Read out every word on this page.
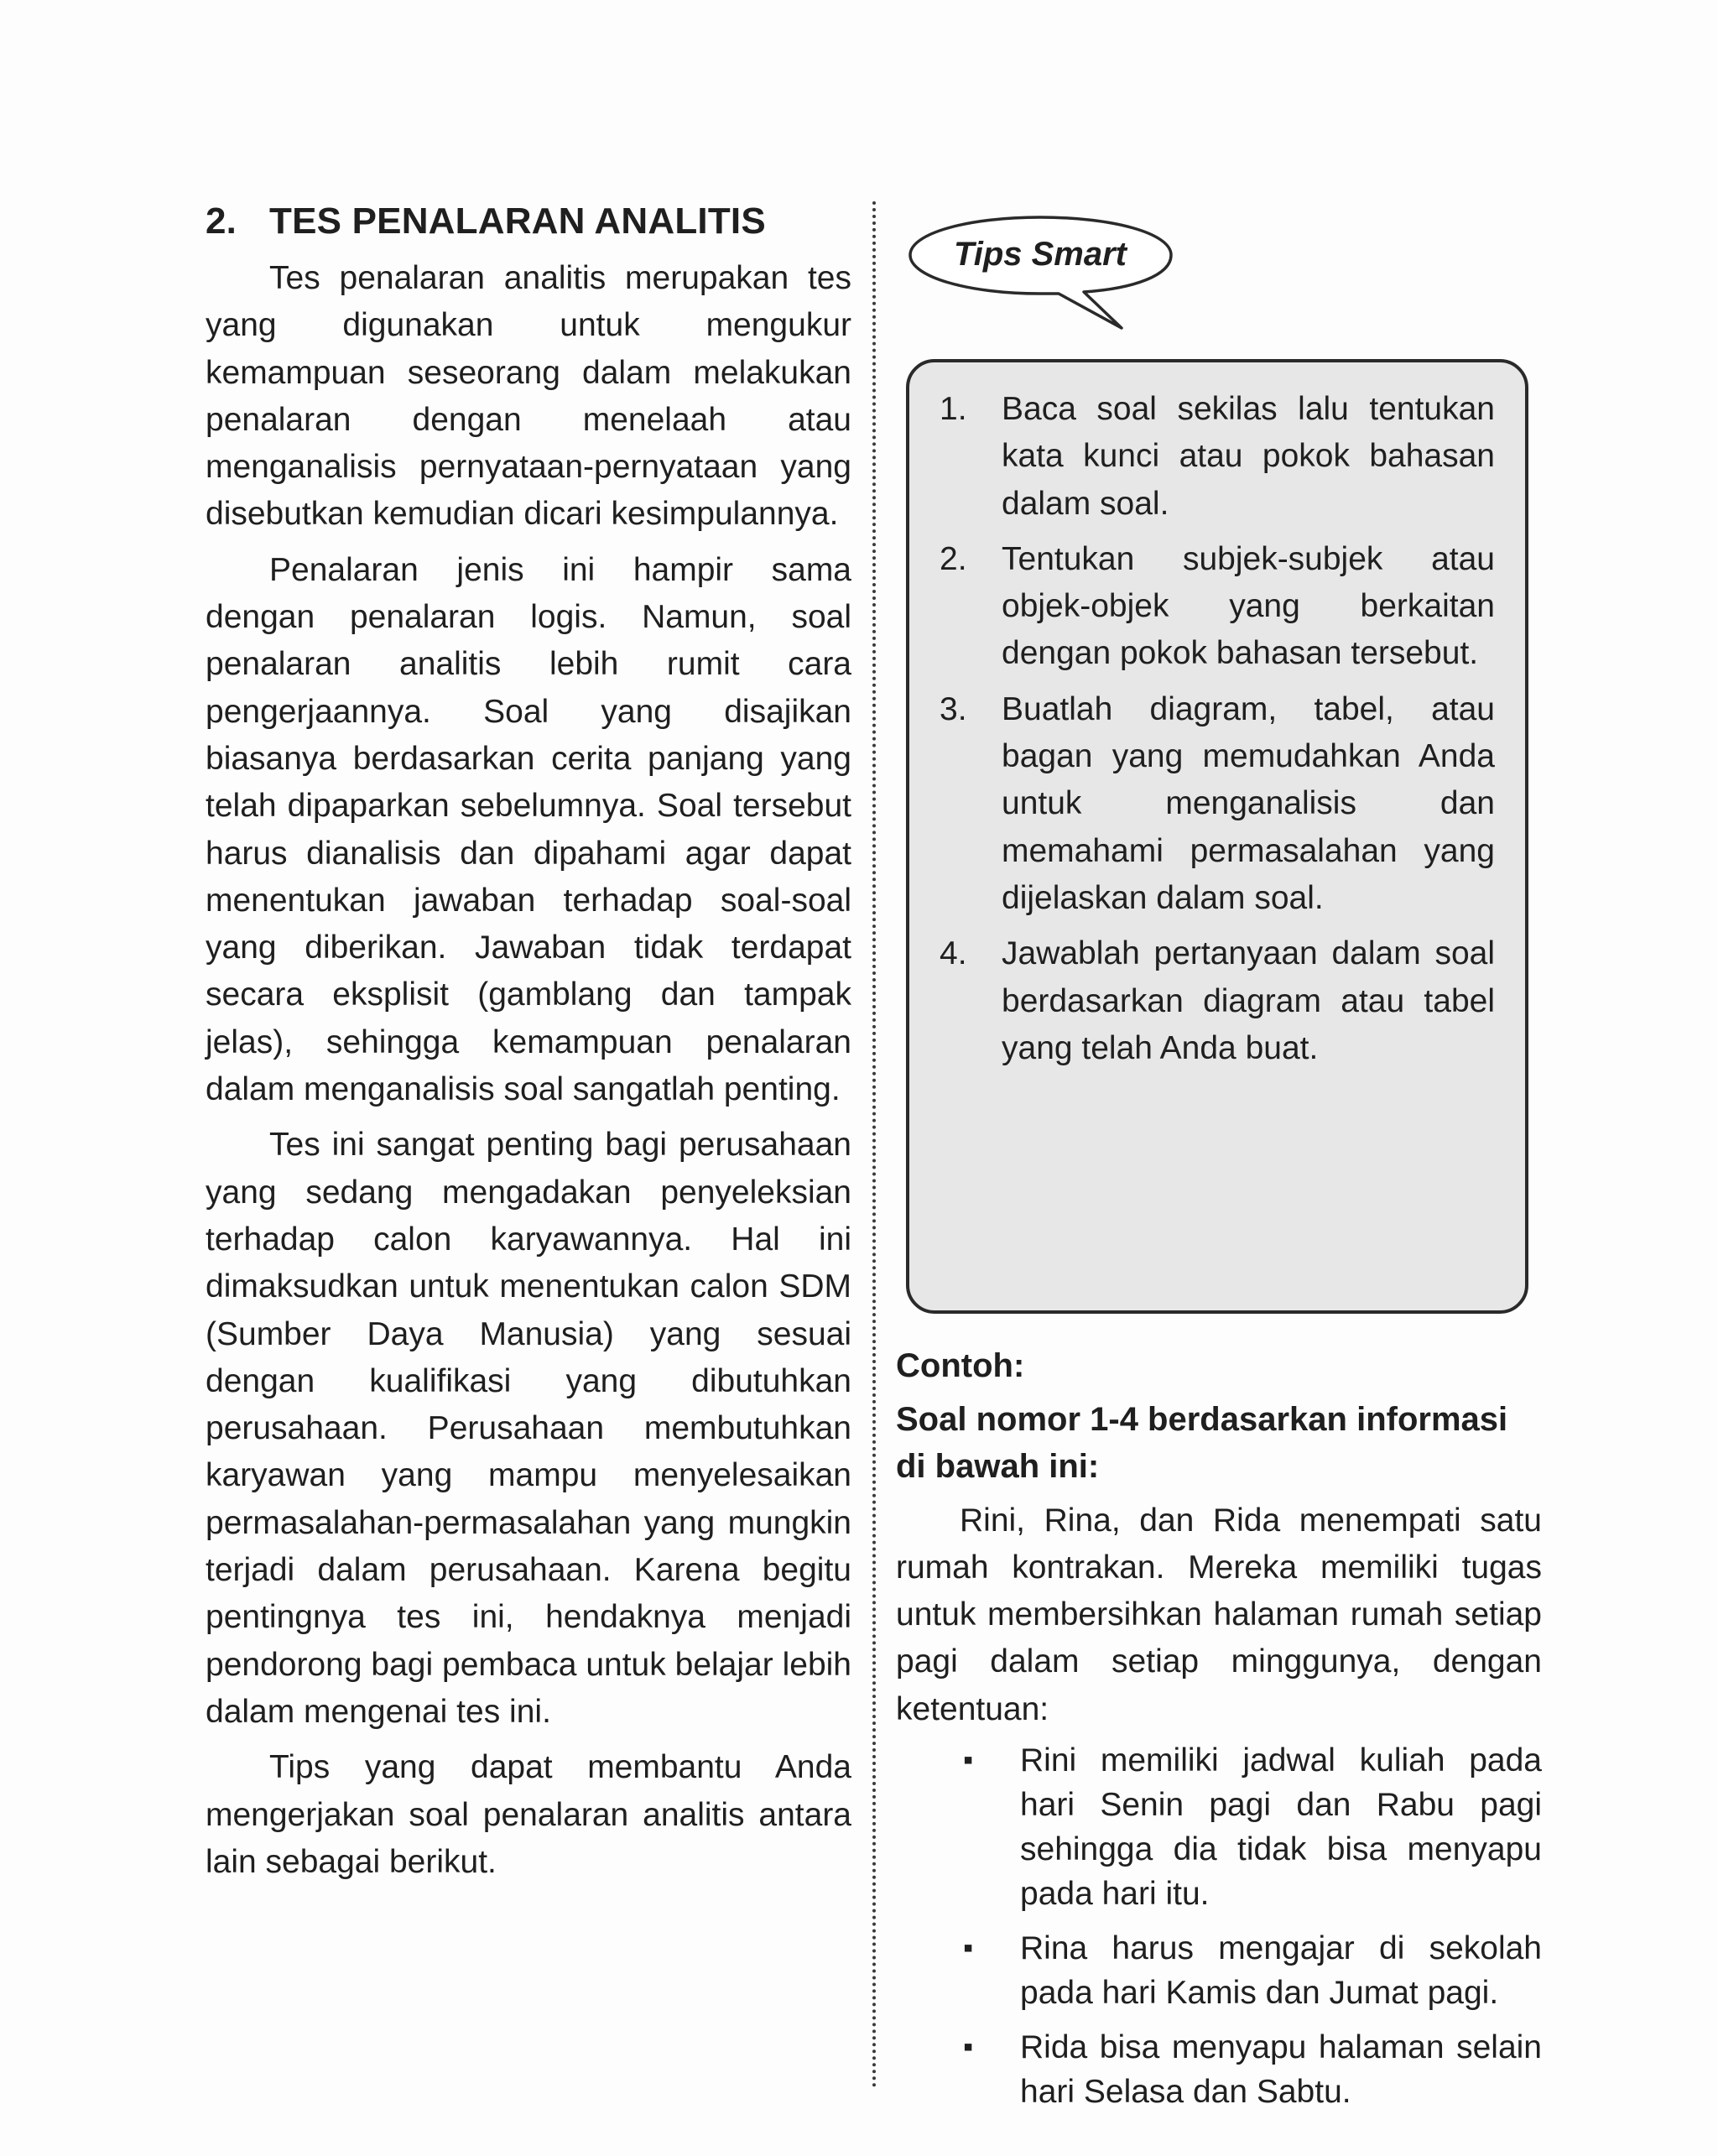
2. TES PENALARAN ANALITIS

Tes penalaran analitis merupakan tes yang digunakan untuk mengukur kemampuan seseorang dalam melakukan penalaran dengan menelaah atau menganalisis pernyataan-pernyataan yang disebutkan kemudian dicari kesimpulannya.

Penalaran jenis ini hampir sama dengan penalaran logis. Namun, soal penalaran analitis lebih rumit cara pengerjaannya. Soal yang disajikan biasanya berdasarkan cerita panjang yang telah dipaparkan sebelumnya. Soal tersebut harus dianalisis dan dipahami agar dapat menentukan jawaban terhadap soal-soal yang diberikan. Jawaban tidak terdapat secara eksplisit (gamblang dan tampak jelas), sehingga kemampuan penalaran dalam menganalisis soal sangatlah penting.

Tes ini sangat penting bagi perusahaan yang sedang mengadakan penyeleksian terhadap calon karyawannya. Hal ini dimaksudkan untuk menentukan calon SDM (Sumber Daya Manusia) yang sesuai dengan kualifikasi yang dibutuhkan perusahaan. Perusahaan membutuhkan karyawan yang mampu menyelesaikan permasalahan-permasalahan yang mungkin terjadi dalam perusahaan. Karena begitu pentingnya tes ini, hendaknya menjadi pendorong bagi pembaca untuk belajar lebih dalam mengenai tes ini.

Tips yang dapat membantu Anda mengerjakan soal penalaran analitis antara lain sebagai berikut.

Tips Smart
1. Baca soal sekilas lalu tentukan kata kunci atau pokok bahasan dalam soal.
2. Tentukan subjek-subjek atau objek-objek yang berkaitan dengan pokok bahasan tersebut.
3. Buatlah diagram, tabel, atau bagan yang memudahkan Anda untuk menganalisis dan memahami permasalahan yang dijelaskan dalam soal.
4. Jawablah pertanyaan dalam soal berdasarkan diagram atau tabel yang telah Anda buat.
Contoh:
Soal nomor 1-4 berdasarkan informasi di bawah ini:

Rini, Rina, dan Rida menempati satu rumah kontrakan. Mereka memiliki tugas untuk membersihkan halaman rumah setiap pagi dalam setiap minggunya, dengan ketentuan:

▪ Rini memiliki jadwal kuliah pada hari Senin pagi dan Rabu pagi sehingga dia tidak bisa menyapu pada hari itu.
▪ Rina harus mengajar di sekolah pada hari Kamis dan Jumat pagi.
▪ Rida bisa menyapu halaman selain hari Selasa dan Sabtu.
